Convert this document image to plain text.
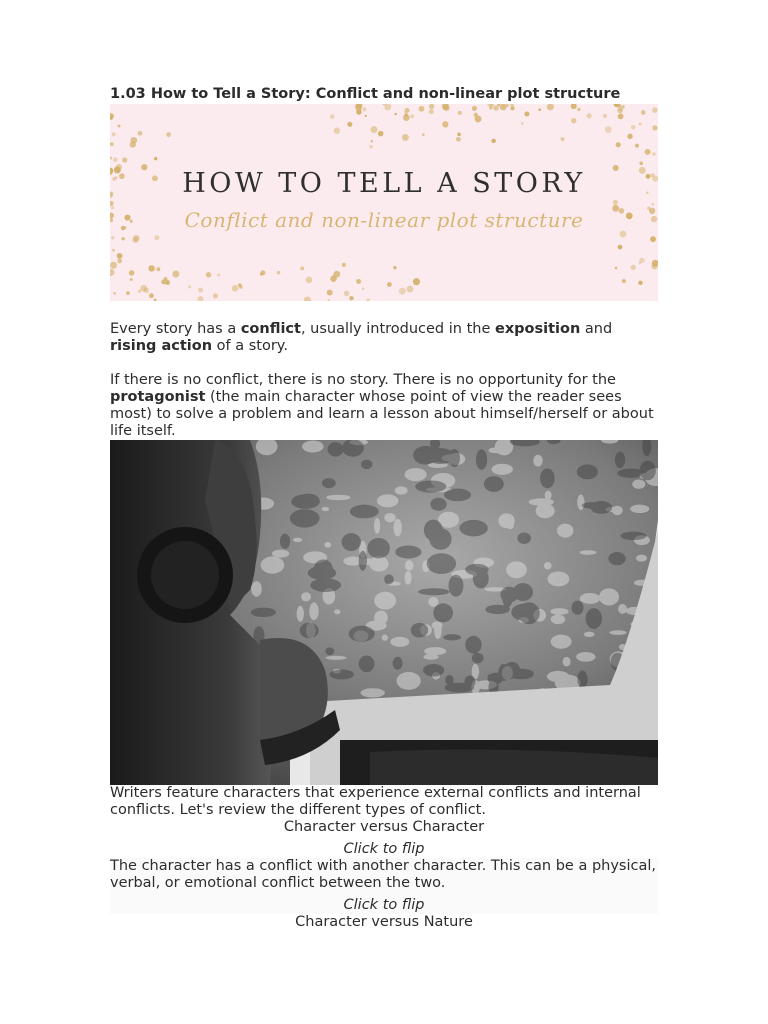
1.03 How to Tell a Story: Conflict and non-linear plot structure
HOW TO TELL A STORY
Conflict and non-linear plot structure

Every story has a conflict, usually introduced in the exposition and rising action of a story.

If there is no conflict, there is no story. There is no opportunity for the protagonist (the main character whose point of view the reader sees most) to solve a problem and learn a lesson about himself/herself or about life itself.

Writers feature characters that experience external conflicts and internal conflicts. Let's review the different types of conflict.

Character versus Character
Click to flip

The character has a conflict with another character. This can be a physical, verbal, or emotional conflict between the two.

Click to flip
Character versus Nature
